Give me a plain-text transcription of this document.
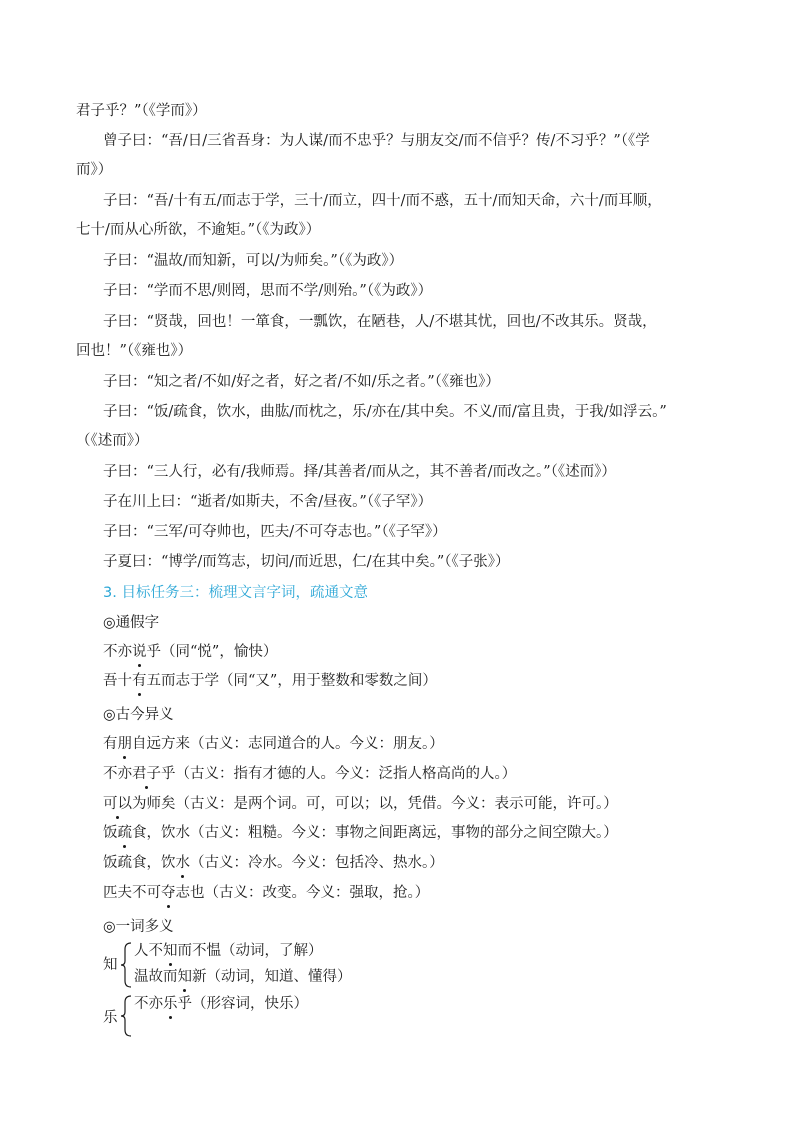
君子乎？”（《学而》）
曾子曰：“吾/日/三省吾身：为人谋/而不忠乎？与朋友交/而不信乎？传/不习乎？”（《学
而》）
子曰：“吾/十有五/而志于学，三十/而立，四十/而不惑，五十/而知天命，六十/而耳顺，
七十/而从心所欲，不逾矩。”（《为政》）
子曰：“温故/而知新，可以/为师矣。”（《为政》）
子曰：“学而不思/则罔，思而不学/则殆。”（《为政》）
子曰：“贤哉，回也！一箪食，一瓢饮，在陋巷，人/不堪其忧，回也/不改其乐。贤哉，
回也！”（《雍也》）
子曰：“知之者/不如/好之者，好之者/不如/乐之者。”（《雍也》）
子曰：“饭/疏食，饮水，曲肱/而枕之，乐/亦在/其中矣。不义/而/富且贵，于我/如浮云。”
（《述而》）
子曰：“三人行，必有/我师焉。择/其善者/而从之，其不善者/而改之。”（《述而》）
子在川上曰：“逝者/如斯夫，不舍/昼夜。”（《子罕》）
子曰：“三军/可夺帅也，匹夫/不可夺志也。”（《子罕》）
子夏曰：“博学/而笃志，切问/而近思，仁/在其中矣。”（《子张》）
3. 目标任务三：梳理文言字词，疏通文意
◎通假字
不亦说乎（同“悦”，愉快）
吾十有五而志于学（同“又”，用于整数和零数之间）
◎古今异义
有朋自远方来（古义：志同道合的人。今义：朋友。）
不亦君子乎（古义：指有才德的人。今义：泛指人格高尚的人。）
可以为师矣（古义：是两个词。可，可以；以，凭借。今义：表示可能，许可。）
饭疏食，饮水（古义：粗糙。今义：事物之间距离远，事物的部分之间空隙大。）
饭疏食，饮水（古义：冷水。今义：包括冷、热水。）
匹夫不可夺志也（古义：改变。今义：强取，抢。）
◎一词多义
知
人不知而不愠（动词，了解）
温故而知新（动词，知道、懂得）
乐
不亦乐乎（形容词，快乐）
